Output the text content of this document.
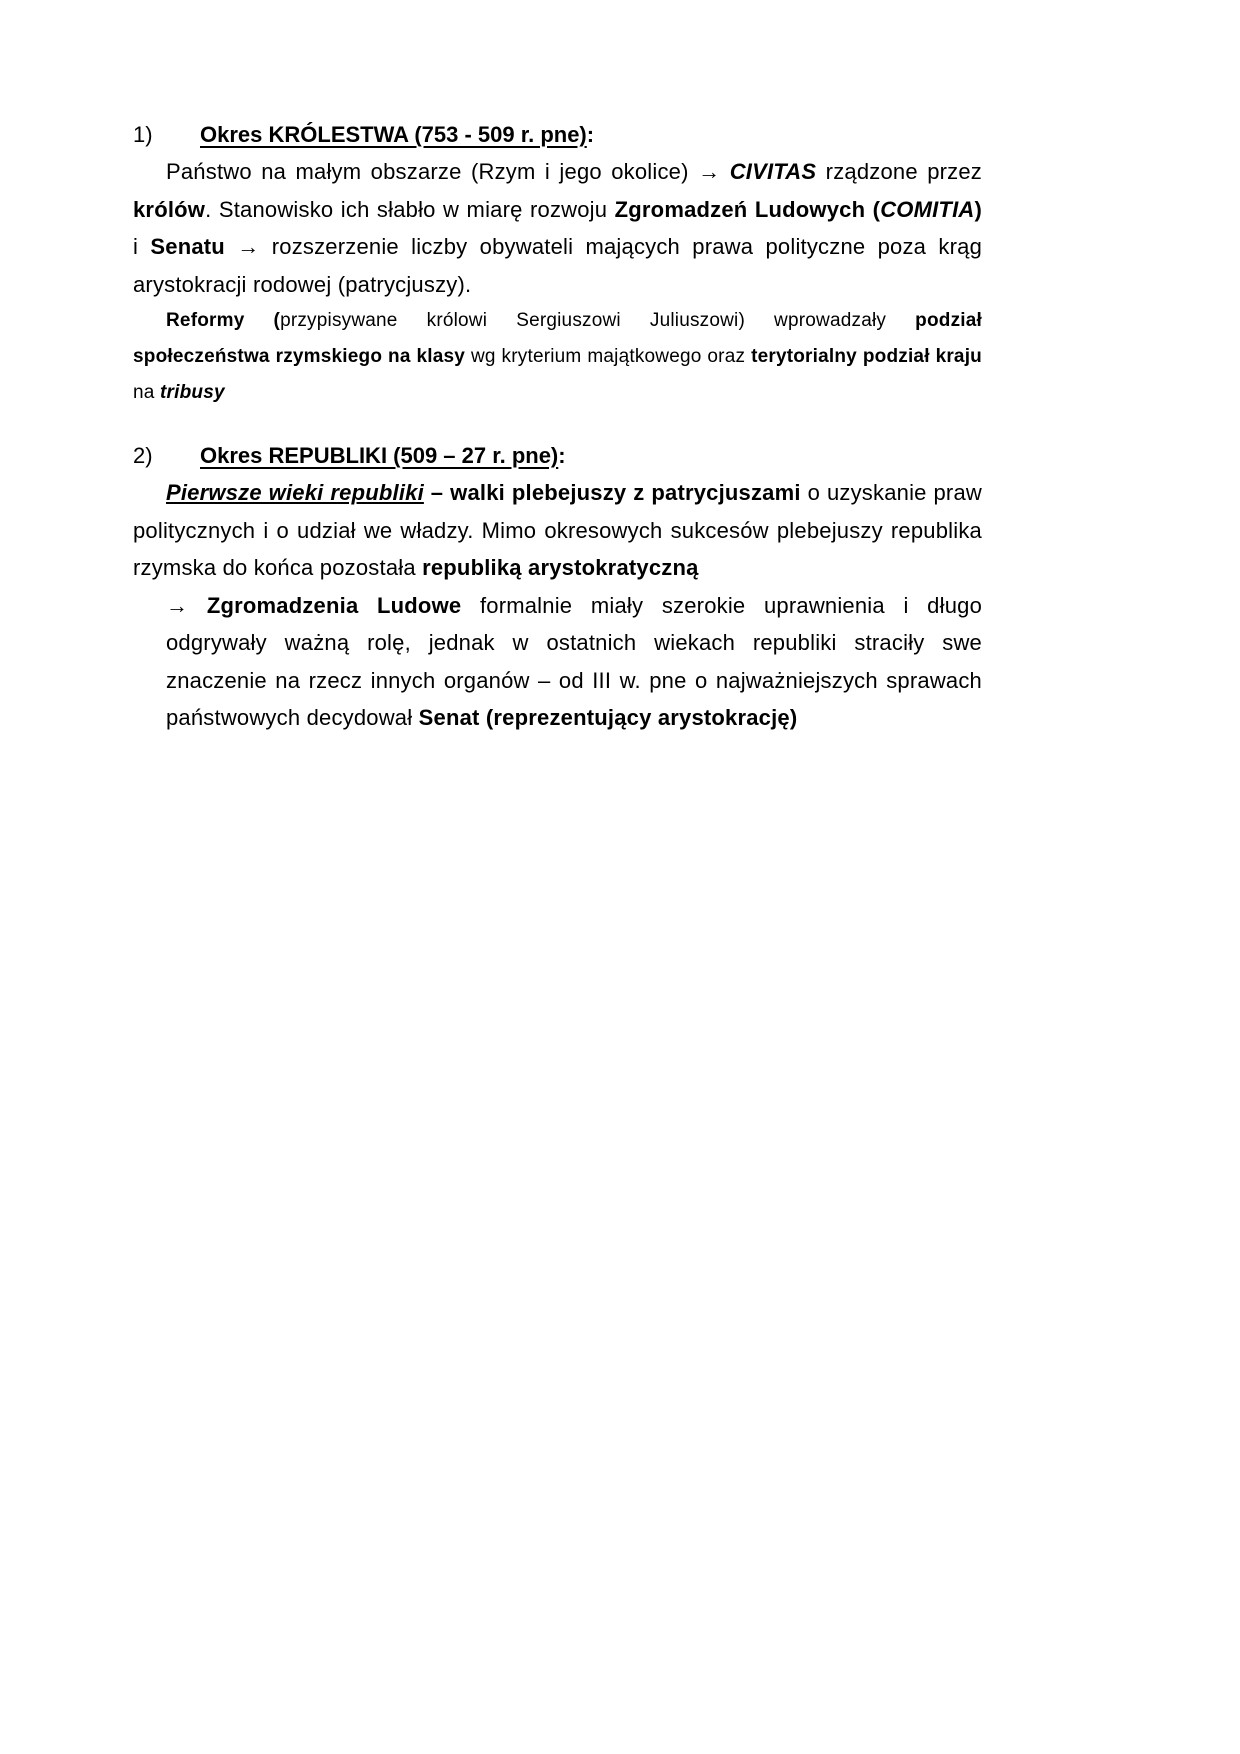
1)	Okres KRÓLESTWA (753 - 509 r. pne):

Państwo na małym obszarze (Rzym i jego okolice) → CIVITAS rządzone przez królów. Stanowisko ich słabło w miarę rozwoju Zgromadzeń Ludowych (COMITIA) i Senatu → rozszerzenie liczby obywateli mających prawa polityczne poza krąg arystokracji rodowej (patrycjuszy).

Reformy (przypisywane królowi Sergiuszowi Juliuszowi) wprowadzały podział społeczeństwa rzymskiego na klasy wg kryterium majątkowego oraz terytorialny podział kraju na tribusy

2)	Okres REPUBLIKI (509 – 27 r. pne):

Pierwsze wieki republiki – walki plebejuszy z patrycjuszami o uzyskanie praw politycznych i o udział we władzy. Mimo okresowych sukcesów plebejuszy republika rzymska do końca pozostała republiką arystokratyczną

→ Zgromadzenia Ludowe formalnie miały szerokie uprawnienia i długo odgrywały ważną rolę, jednak w ostatnich wiekach republiki straciły swe znaczenie na rzecz innych organów – od III w. pne o najważniejszych sprawach państwowych decydował Senat (reprezentujący arystokrację)
